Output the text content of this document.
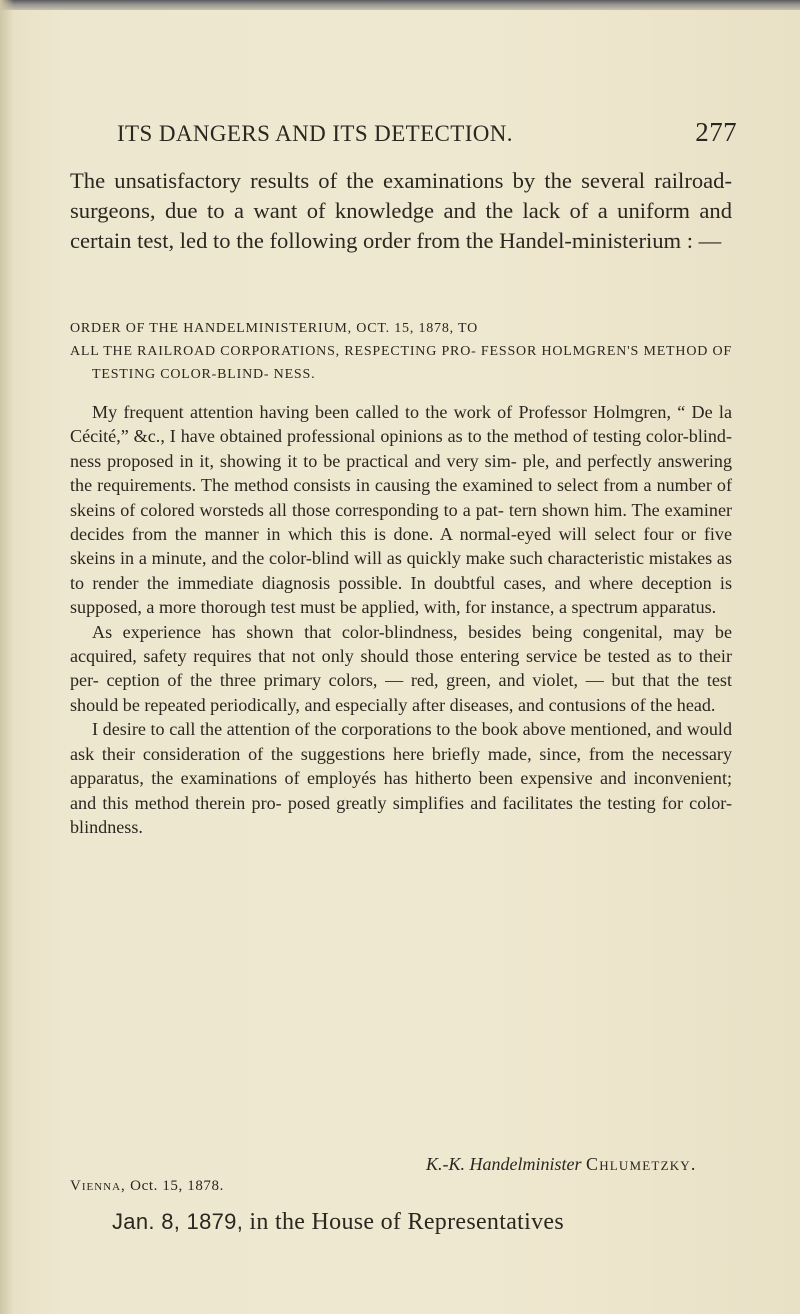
ITS DANGERS AND ITS DETECTION.	277

The unsatisfactory results of the examinations by the several railroad-surgeons, due to a want of knowledge and the lack of a uniform and certain test, led to the following order from the Handel-ministerium : —

ORDER OF THE HANDELMINISTERIUM, OCT. 15, 1878, TO

ALL THE RAILROAD CORPORATIONS, RESPECTING PRO- FESSOR HOLMGREN'S METHOD OF TESTING COLOR-BLIND- NESS.

My frequent attention having been called to the work of Professor Holmgren, “ De la Cécité,” &c., I have obtained professional opinions as to the method of testing color-blind- ness proposed in it, showing it to be practical and very sim- ple, and perfectly answering the requirements. The method consists in causing the examined to select from a number of skeins of colored worsteds all those corresponding to a pat- tern shown him. The examiner decides from the manner in which this is done. A normal-eyed will select four or five skeins in a minute, and the color-blind will as quickly make such characteristic mistakes as to render the immediate diagnosis possible. In doubtful cases, and where deception is supposed, a more thorough test must be applied, with, for instance, a spectrum apparatus.

As experience has shown that color-blindness, besides being congenital, may be acquired, safety requires that not only should those entering service be tested as to their per- ception of the three primary colors, — red, green, and violet, — but that the test should be repeated periodically, and especially after diseases, and contusions of the head.

I desire to call the attention of the corporations to the book above mentioned, and would ask their consideration of the suggestions here briefly made, since, from the necessary apparatus, the examinations of employés has hitherto been expensive and inconvenient; and this method therein pro- posed greatly simplifies and facilitates the testing for color- blindness.

K.-K. Handelminister Chlumetzky.
Vienna, Oct. 15, 1878.
Jan. 8, 1879, in the House of Representatives
